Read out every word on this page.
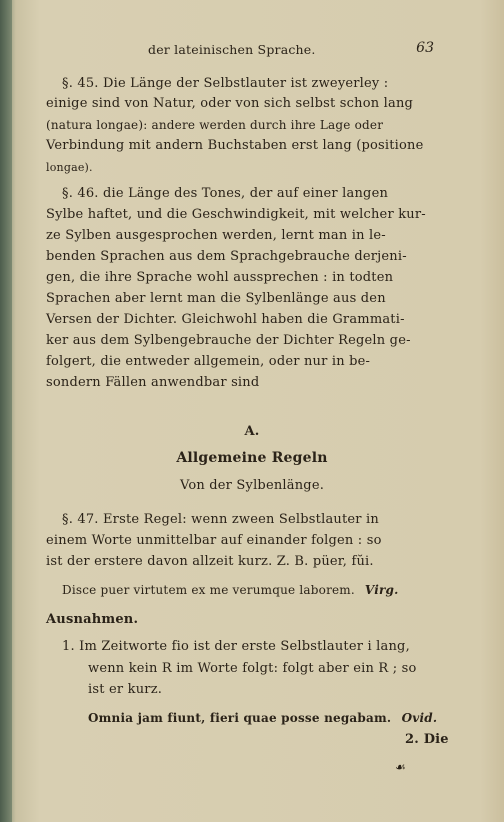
der lateinischen Sprache.	63
§. 45. Die Länge der Selbstlauter ist zweyerley :
einige sind von Natur, oder von sich selbst schon lang
(natura longae): andere werden durch ihre Lage oder
Verbindung mit andern Buchstaben erst lang (positione
longae).
§. 46. die Länge des Tones, der auf einer langen
Sylbe haftet, und die Geschwindigkeit, mit welcher kur-
ze Sylben ausgesprochen werden, lernt man in le-
benden Sprachen aus dem Sprachgebrauche derjeni-
gen, die ihre Sprache wohl aussprechen : in todten
Sprachen aber lernt man die Sylbenlänge aus den
Versen der Dichter. Gleichwohl haben die Grammati-
ker aus dem Sylbengebrauche der Dichter Regeln ge-
folgert, die entweder allgemein, oder nur in be-
sondern Fällen anwendbar sind
A.
Allgemeine Regeln
Von der Sylbenlänge.
§. 47. Erste Regel: wenn zween Selbstlauter in
einem Worte unmittelbar auf einander folgen : so
ist der erstere davon allzeit kurz. Z. B. püer, fŭi.
Disce puer virtutem ex me verumque laborem. Virg.
Ausnahmen.
1. Im Zeitworte fio ist der erste Selbstlauter i lang,
wenn kein R im Worte folgt: folgt aber ein R ; so
ist er kurz.
Omnia jam fiunt, fieri quae posse negabam. Ovid.
2. Die
☙
